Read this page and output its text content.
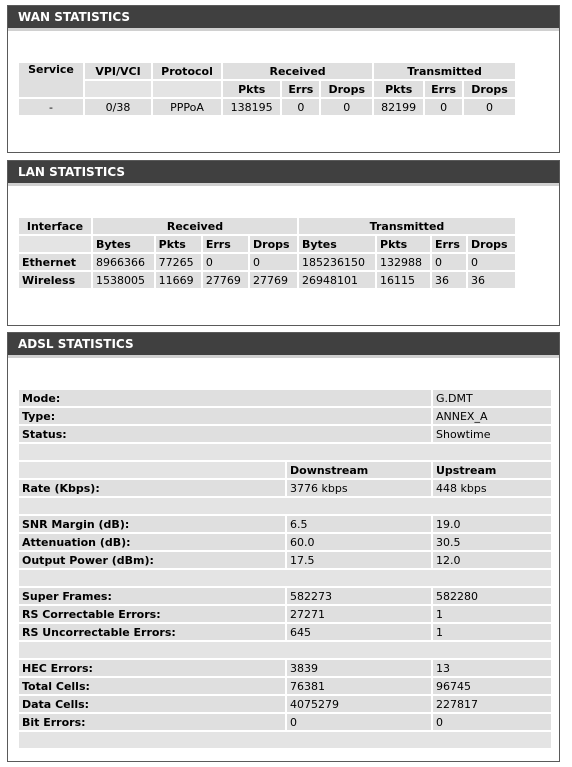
WAN STATISTICS
Service	VPI/VCI	Protocol	Received			Transmitted		
			Pkts	Errs	Drops	Pkts	Errs	Drops
-	0/38	PPPoA	138195	0	0	82199	0	0
LAN STATISTICS
Interface	Received				Transmitted			
	Bytes	Pkts	Errs	Drops	Bytes	Pkts	Errs	Drops
Ethernet	8966366	77265	0	0	185236150	132988	0	0
Wireless	1538005	11669	27769	27769	26948101	16115	36	36
ADSL STATISTICS
Mode:		G.DMT
Type:		ANNEX_A
Status:		Showtime

	Downstream	Upstream
Rate (Kbps):	3776 kbps	448 kbps

SNR Margin (dB):	6.5	19.0
Attenuation (dB):	60.0	30.5
Output Power (dBm):	17.5	12.0

Super Frames:	582273	582280
RS Correctable Errors:	27271	1
RS Uncorrectable Errors:	645	1

HEC Errors:	3839	13
Total Cells:	76381	96745
Data Cells:	4075279	227817
Bit Errors:	0	0
